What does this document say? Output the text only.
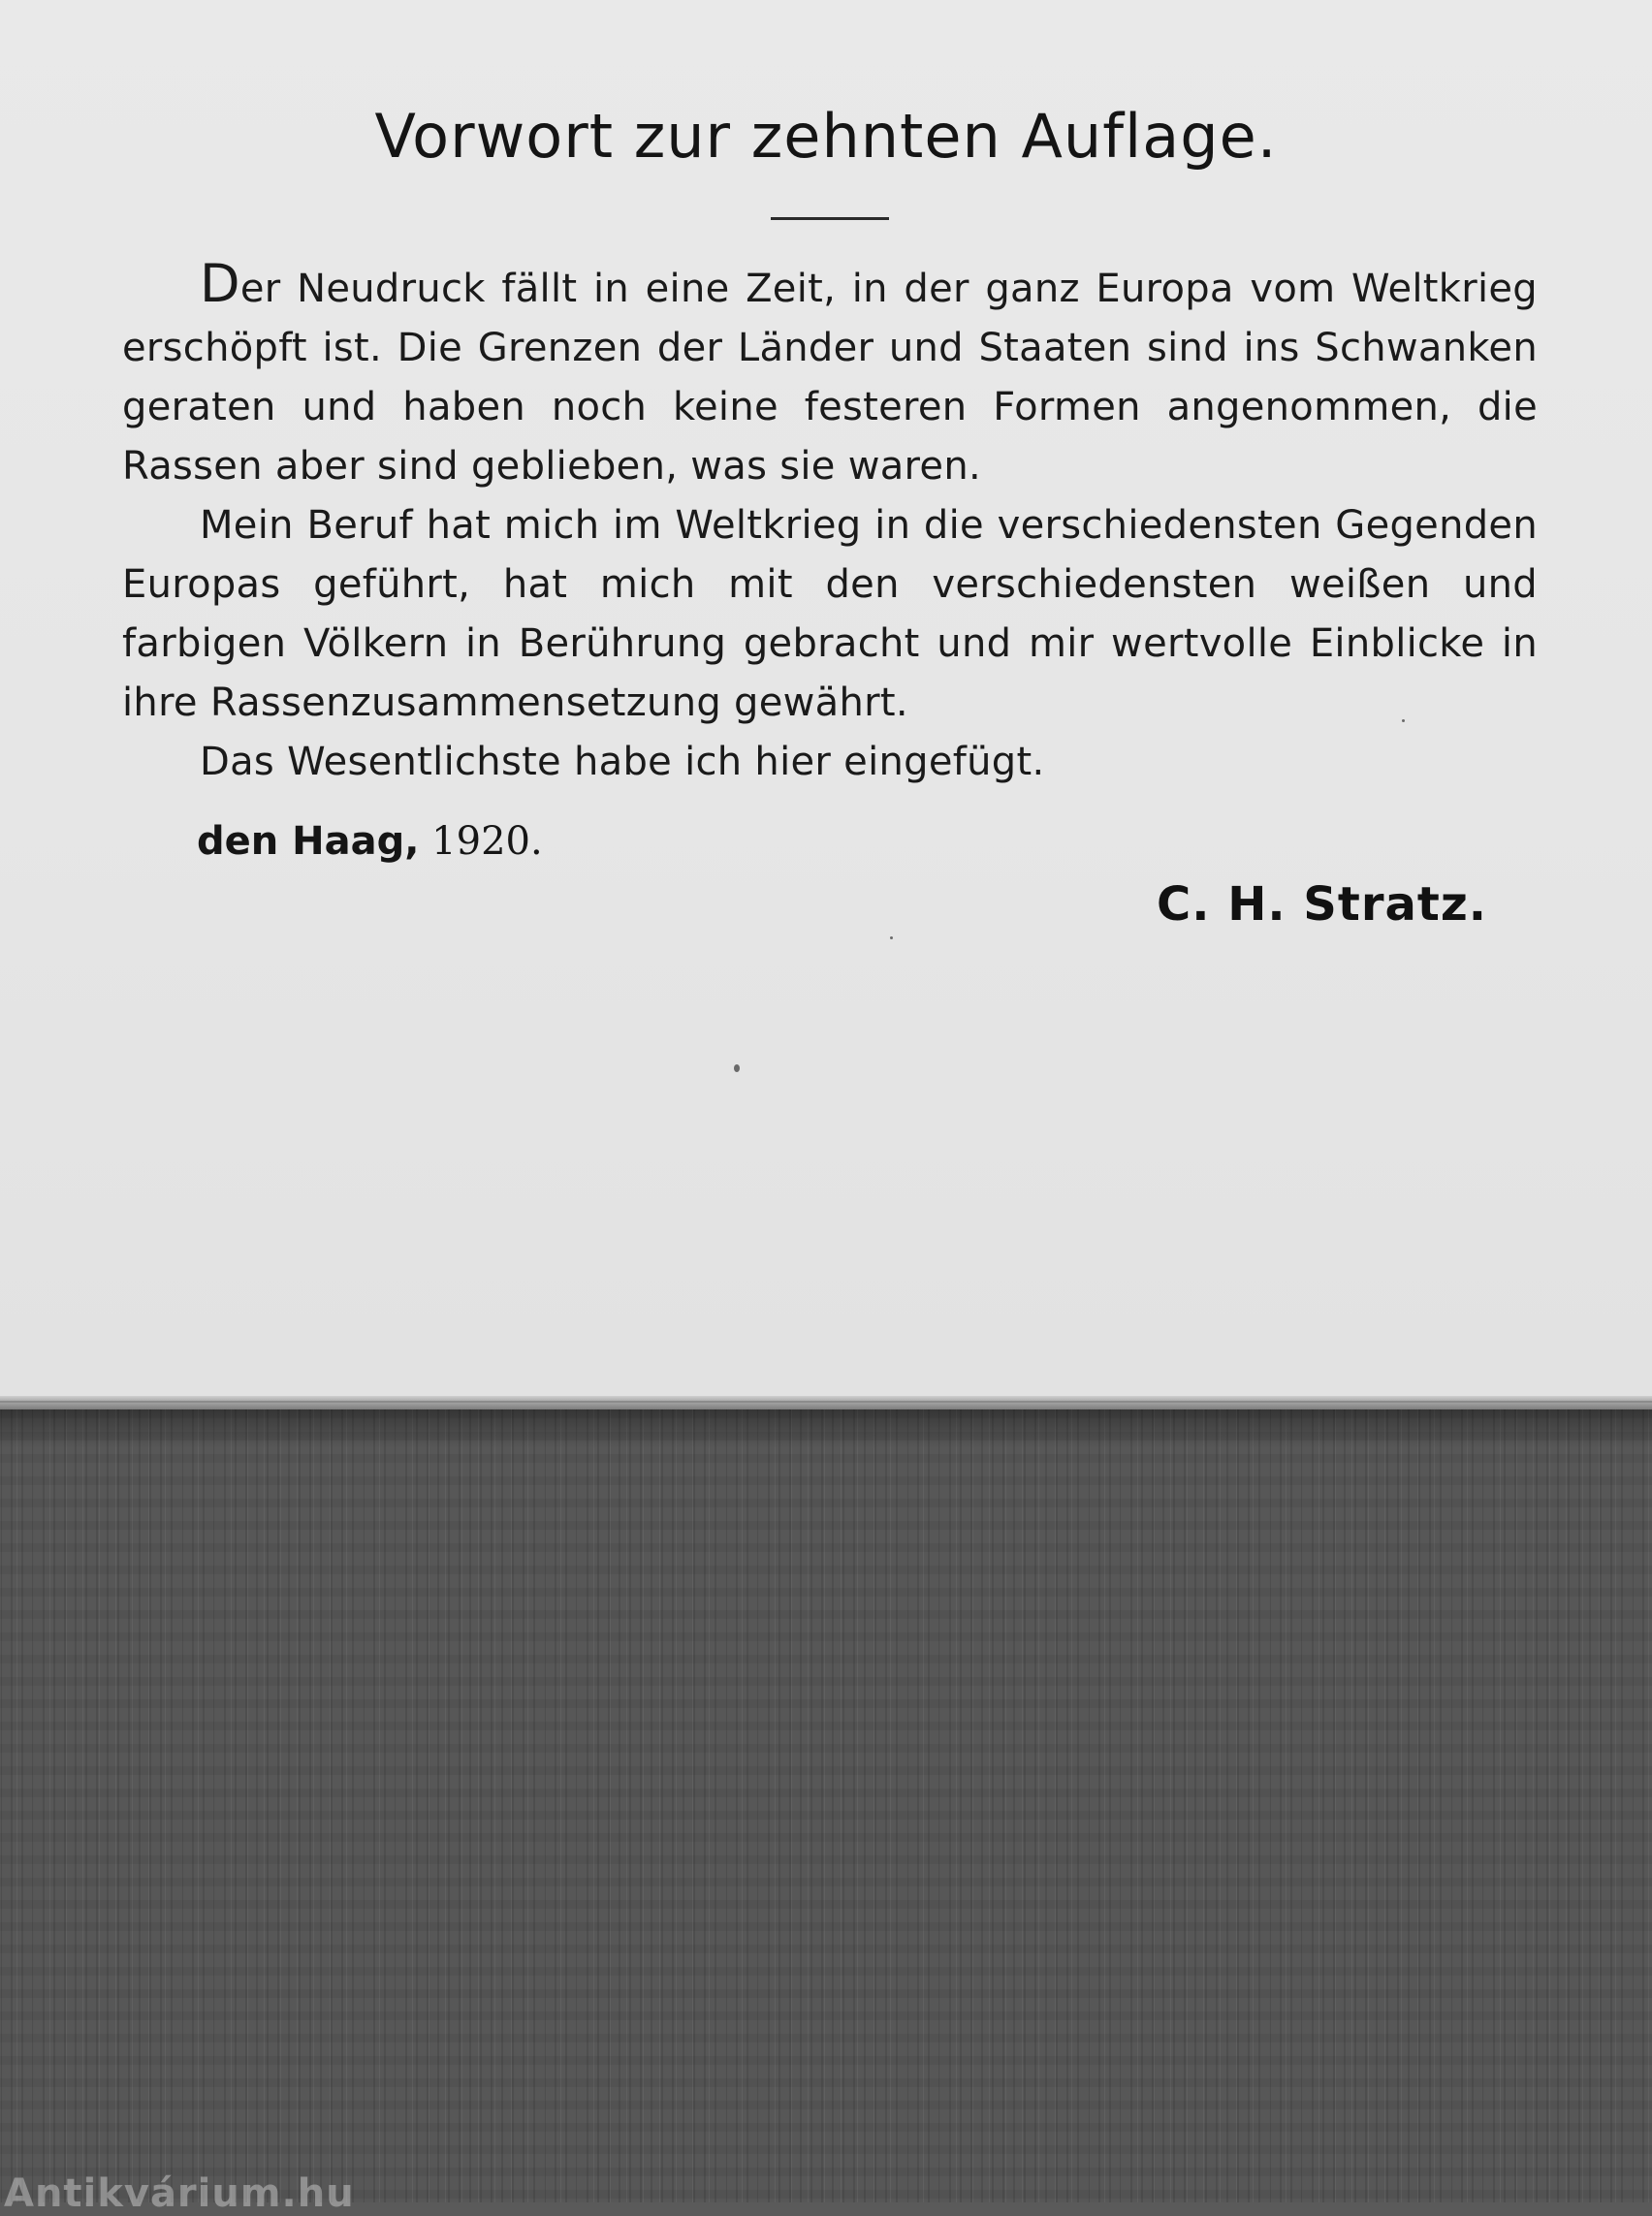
Vorwort zur zehnten Auflage.

Der Neudruck fällt in eine Zeit, in der ganz Europa vom Weltkrieg erschöpft ist. Die Grenzen der Länder und Staaten sind ins Schwanken geraten und haben noch keine festeren Formen angenommen, die Rassen aber sind geblieben, was sie waren.

Mein Beruf hat mich im Weltkrieg in die verschiedensten Gegenden Europas geführt, hat mich mit den verschiedensten weißen und farbigen Völkern in Berührung gebracht und mir wertvolle Einblicke in ihre Rassenzusammensetzung gewährt.

Das Wesentlichste habe ich hier eingefügt.

den Haag, 1920.
C. H. Stratz.
Antikvárium.hu
